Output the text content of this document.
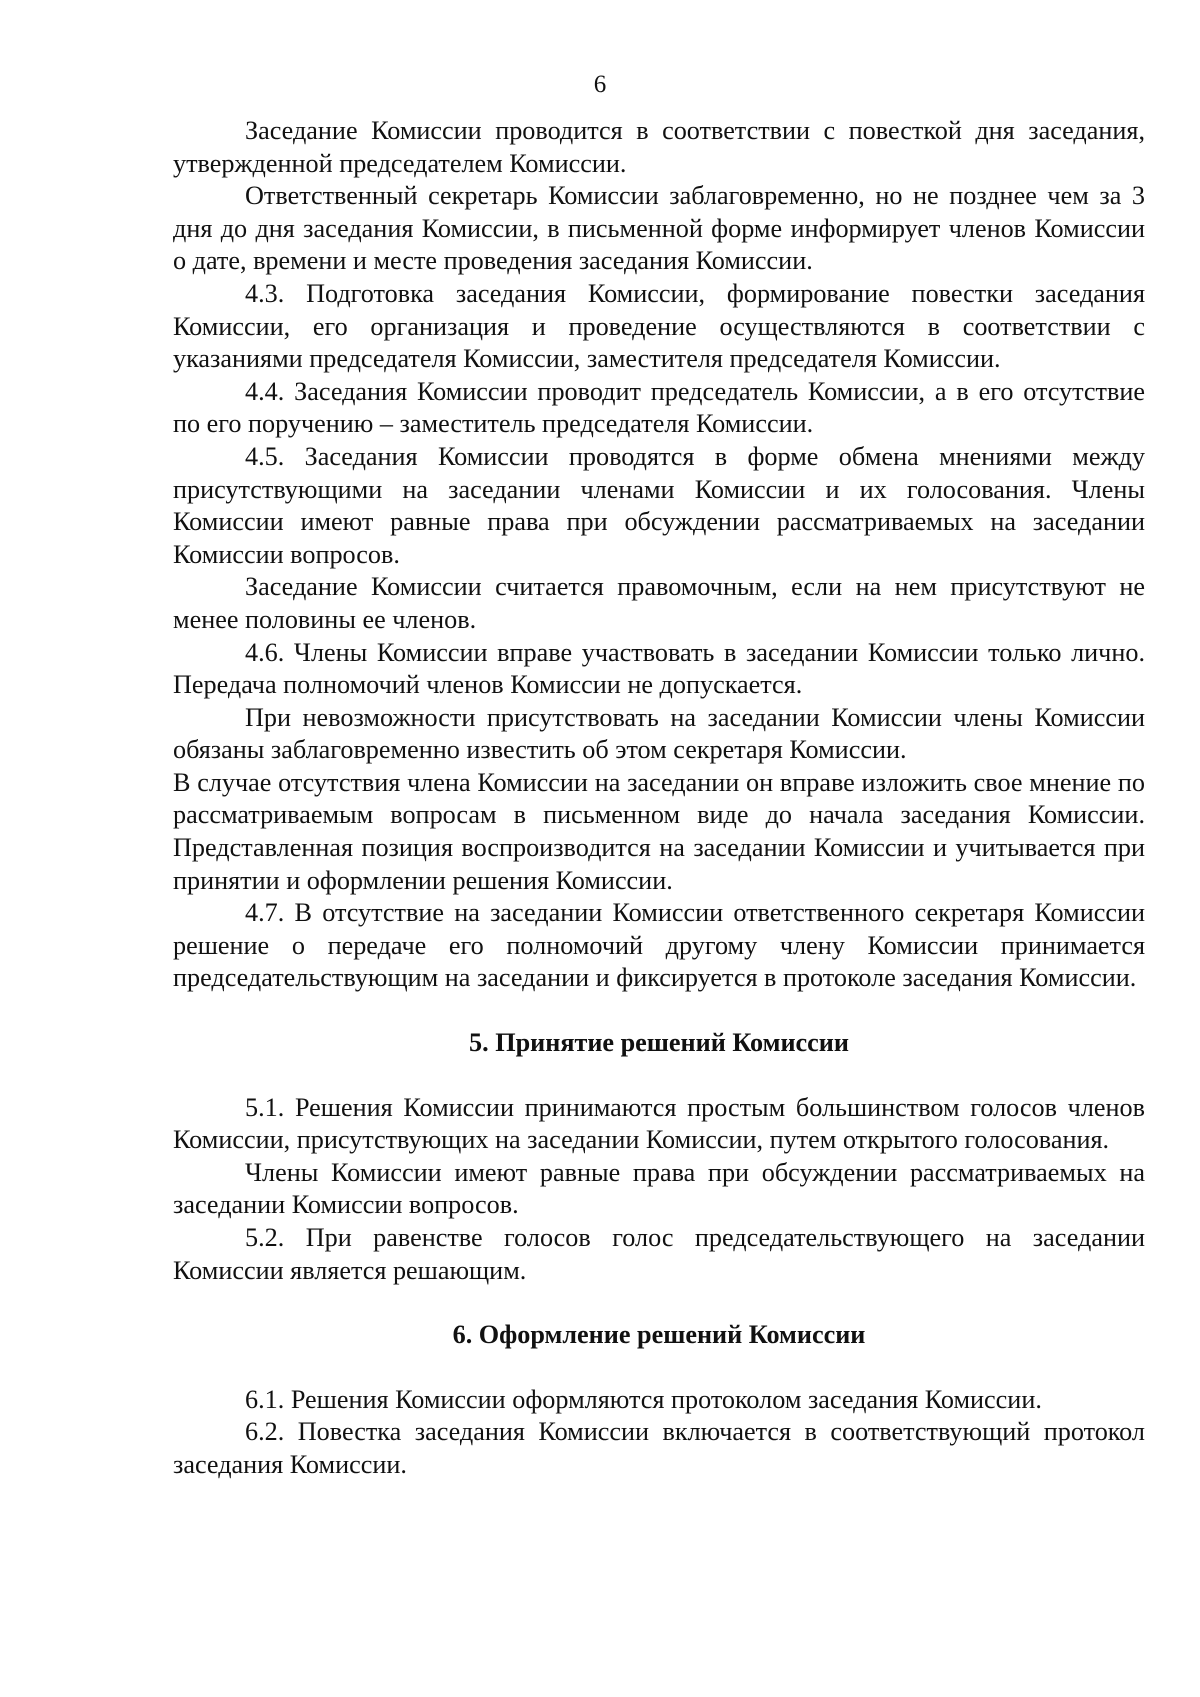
6

Заседание Комиссии проводится в соответствии с повесткой дня заседания, утвержденной председателем Комиссии.

Ответственный секретарь Комиссии заблаговременно, но не позднее чем за 3 дня до дня заседания Комиссии, в письменной форме информирует членов Комиссии о дате, времени и месте проведения заседания Комиссии.

4.3. Подготовка заседания Комиссии, формирование повестки заседания Комиссии, его организация и проведение осуществляются в соответствии с указаниями председателя Комиссии, заместителя председателя Комиссии.

4.4. Заседания Комиссии проводит председатель Комиссии, а в его отсутствие по его поручению – заместитель председателя Комиссии.

4.5. Заседания Комиссии проводятся в форме обмена мнениями между присутствующими на заседании членами Комиссии и их голосования. Члены Комиссии имеют равные права при обсуждении рассматриваемых на заседании Комиссии вопросов.

Заседание Комиссии считается правомочным, если на нем присутствуют не менее половины ее членов.

4.6. Члены Комиссии вправе участвовать в заседании Комиссии только лично. Передача полномочий членов Комиссии не допускается.

При невозможности присутствовать на заседании Комиссии члены Комиссии обязаны заблаговременно известить об этом секретаря Комиссии.

В случае отсутствия члена Комиссии на заседании он вправе изложить свое мнение по рассматриваемым вопросам в письменном виде до начала заседания Комиссии. Представленная позиция воспроизводится на заседании Комиссии и учитывается при принятии и оформлении решения Комиссии.

4.7. В отсутствие на заседании Комиссии ответственного секретаря Комиссии решение о передаче его полномочий другому члену Комиссии принимается председательствующим на заседании и фиксируется в протоколе заседания Комиссии.

5. Принятие решений Комиссии

5.1. Решения Комиссии принимаются простым большинством голосов членов Комиссии, присутствующих на заседании Комиссии, путем открытого голосования.

Члены Комиссии имеют равные права при обсуждении рассматриваемых на заседании Комиссии вопросов.

5.2. При равенстве голосов голос председательствующего на заседании Комиссии является решающим.

6. Оформление решений Комиссии

6.1. Решения Комиссии оформляются протоколом заседания Комиссии.

6.2. Повестка заседания Комиссии включается в соответствующий протокол заседания Комиссии.
